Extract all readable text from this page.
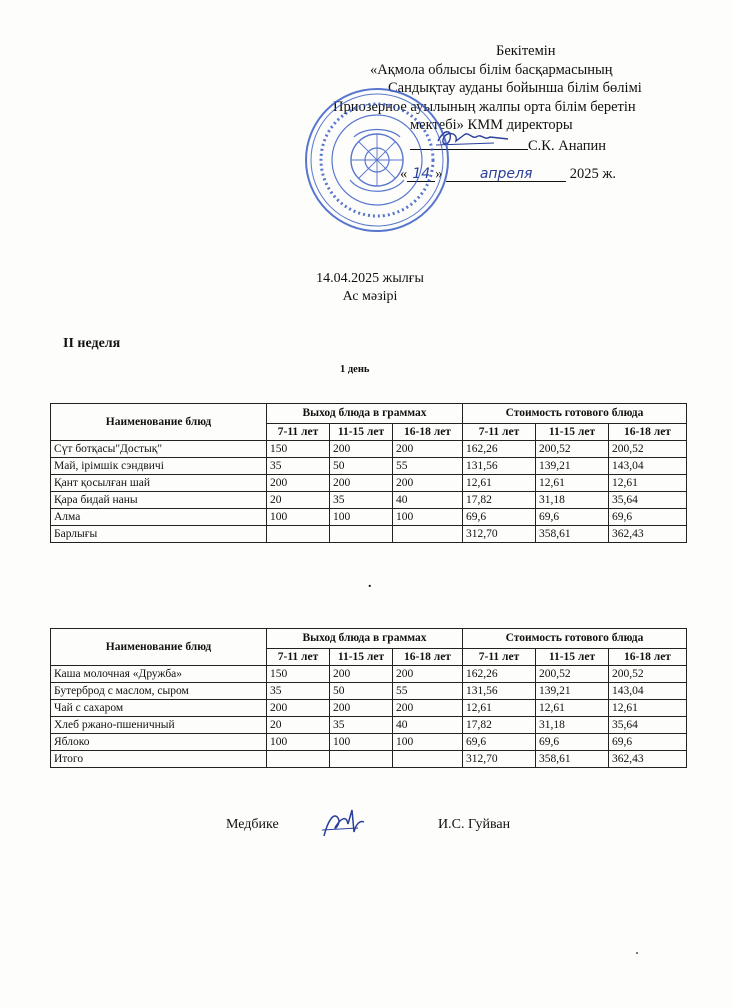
Бекітемін
«Ақмола облысы білім басқармасының
Сандықтау ауданы бойынша білім бөлімі
Приозерное ауылының жалпы орта білім беретін
мектебі» КММ директоры
С.К. Анапин
« 14 »	апреля	2025 ж.
14.04.2025 жылғы
Ас мәзірі
II неделя
1 день
Наименование блюд	Выход блюда в граммах			Стоимость готового блюда		
	7-11 лет	11-15 лет	16-18 лет	7-11 лет	11-15 лет	16-18 лет
Сүт ботқасы"Достық"	150	200	200	162,26	200,52	200,52
Май, ірімшік сэндвичі	35	50	55	131,56	139,21	143,04
Қант қосылған шай	200	200	200	12,61	12,61	12,61
Қара бидай наны	20	35	40	17,82	31,18	35,64
Алма	100	100	100	69,6	69,6	69,6
Барлығы				312,70	358,61	362,43
.
Наименование блюд	Выход блюда в граммах			Стоимость готового блюда		
	7-11 лет	11-15 лет	16-18 лет	7-11 лет	11-15 лет	16-18 лет
Каша молочная «Дружба»	150	200	200	162,26	200,52	200,52
Бутерброд с маслом, сыром	35	50	55	131,56	139,21	143,04
Чай с сахаром	200	200	200	12,61	12,61	12,61
Хлеб ржано-пшеничный	20	35	40	17,82	31,18	35,64
Яблоко	100	100	100	69,6	69,6	69,6
Итого				312,70	358,61	362,43
Медбике	И.С. Гуйван
